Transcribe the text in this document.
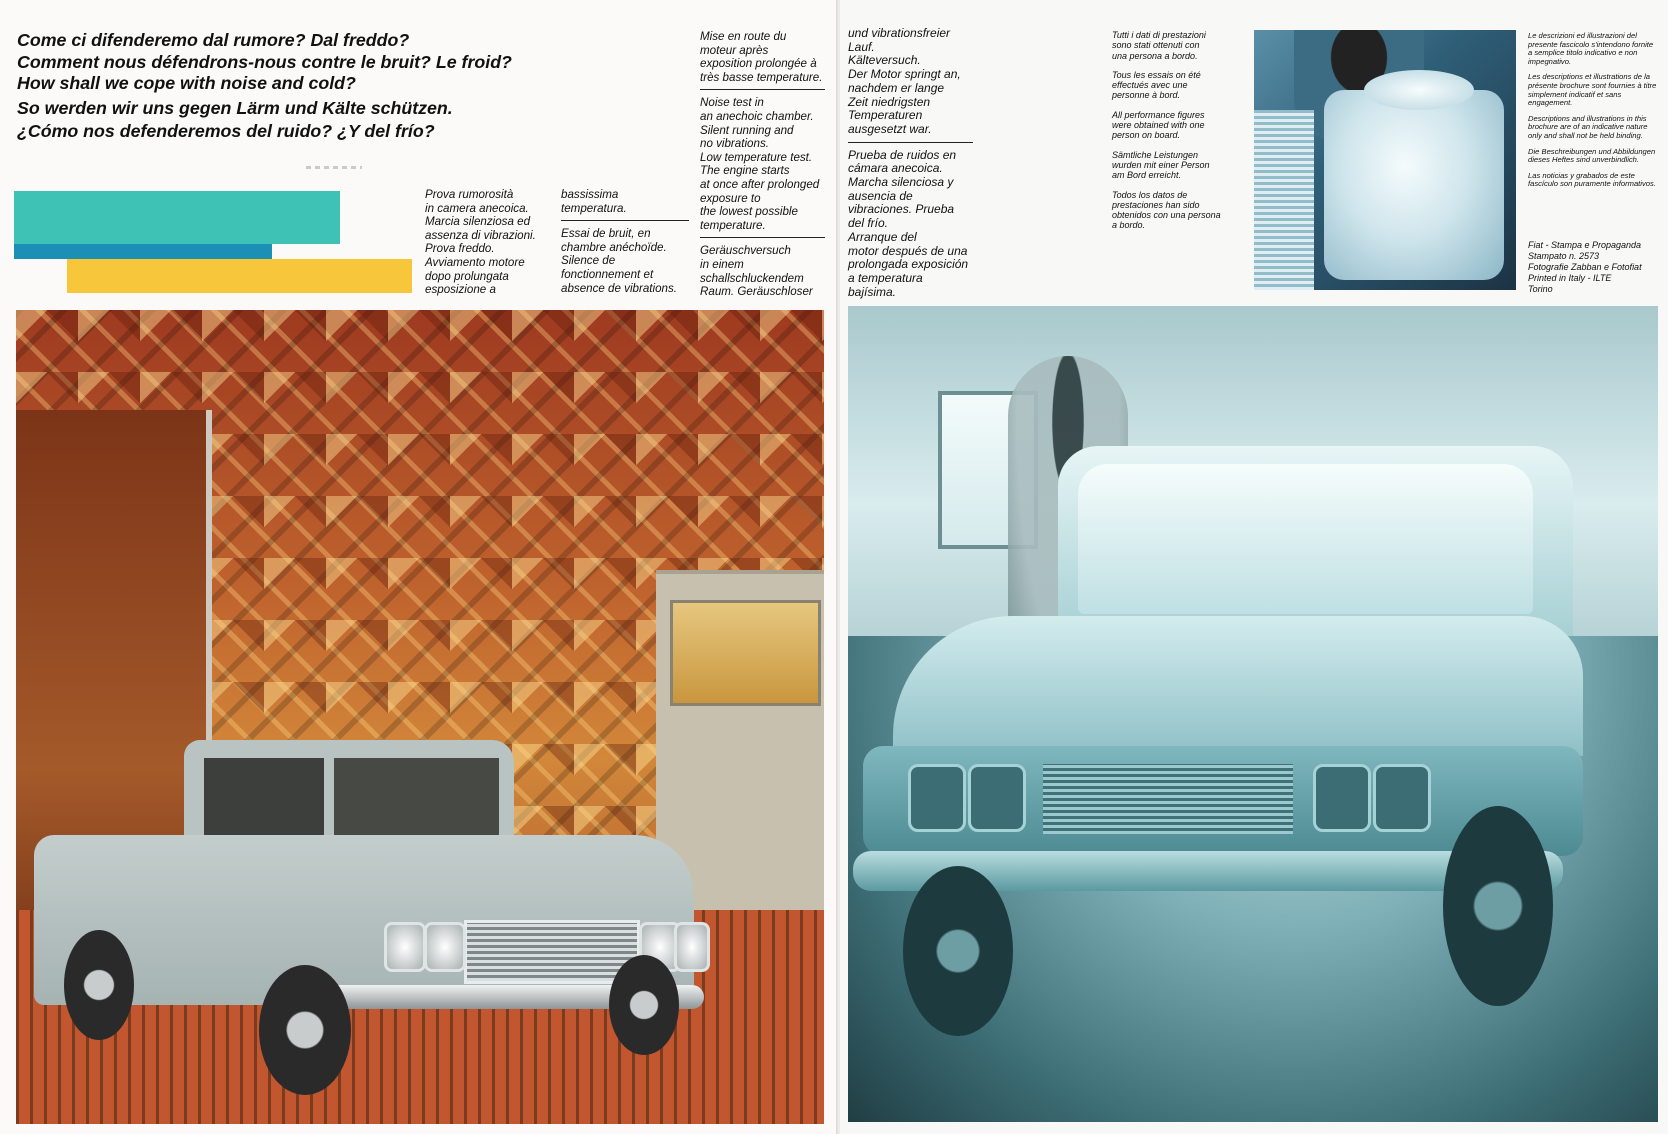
Come ci difenderemo dal rumore? Dal freddo?
Comment nous défendrons-nous contre le bruit? Le froid?
How shall we cope with noise and cold?
So werden wir uns gegen Lärm und Kälte schützen.
¿Cómo nos defenderemos del ruido? ¿Y del frío?
Prova rumorosità
in camera anecoica.
Marcia silenziosa ed
assenza di vibrazioni.
Prova freddo.
Avviamento motore
dopo prolungata
esposizione a
bassissima
temperatura.
Essai de bruit, en
chambre anéchoïde.
Silence de
fonctionnement et
absence de vibrations.
Mise en route du
moteur après
exposition prolongée à
très basse temperature.
Noise test in
an anechoic chamber.
Silent running and
no vibrations.
Low temperature test.
The engine starts
at once after prolonged
exposure to
the lowest possible
temperature.
Geräuschversuch
in einem
schallschluckendem
Raum. Geräuschloser
und vibrationsfreier
Lauf.
Kälteversuch.
Der Motor springt an,
nachdem er lange
Zeit niedrigsten
Temperaturen
ausgesetzt war.
Prueba de ruidos en
cámara anecoica.
Marcha silenciosa y
ausencia de
vibraciones. Prueba
del frío.
Arranque del
motor después de una
prolongada exposición
a temperatura
bajísima.
Tutti i dati di prestazioni
sono stati ottenuti con
una persona a bordo.
Tous les essais on été
effectués avec une
personne à bord.
All performance figures
were obtained with one
person on board.
Sämtliche Leistungen
wurden mit einer Person
am Bord erreicht.
Todos los datos de
prestaciones han sido
obtenidos con una persona
a bordo.
Le descrizioni ed illustrazioni del presente fascicolo s'intendono fornite a semplice titolo indicativo e non impegnativo.
Les descriptions et illustrations de la présente brochure sont fournies à titre simplement indicatif et sans engagement.
Descriptions and illustrations in this brochure are of an indicative nature only and shall not be held binding.
Die Beschreibungen und Abbildungen dieses Heftes sind unverbindlich.
Las noticias y grabados de este fascículo son puramente informativos.
Fiat - Stampa e Propaganda
Stampato n. 2573
Fotografie Zabban e Fotofiat
Printed in Italy - ILTE
Torino
